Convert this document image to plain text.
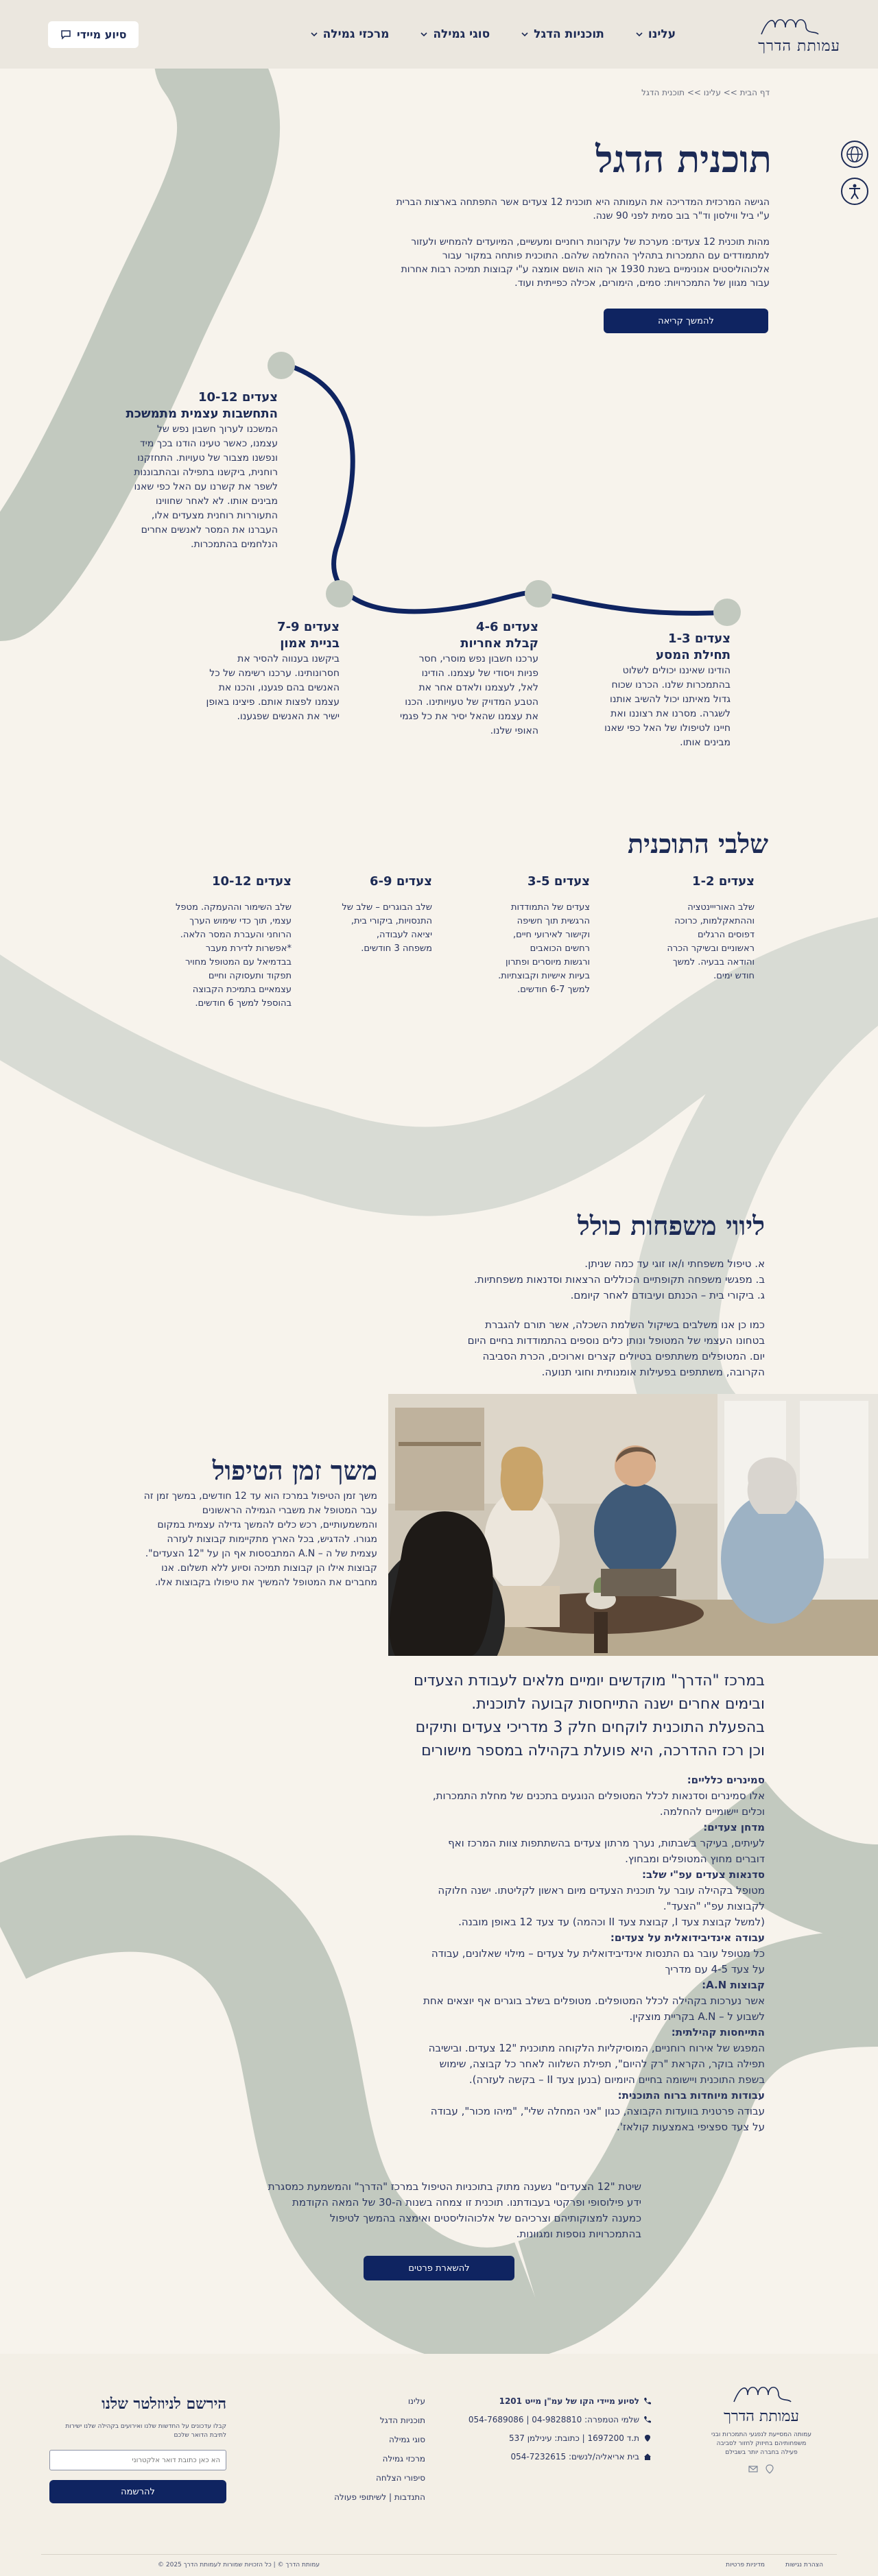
עמותת הדרך
עלינו
תוכניות הדגל
סוגי גמילה
מרכזי גמילה
סיוע מיידי
דף הבית >> עלינו >> תוכנית הדגל
תוכנית הדגל
הגישה המרכזית המדריכה את העמותה היא תוכנית 12 צעדים אשר התפתחה בארצות הברית
ע"י ביל ווילסון וד"ר בוב סמית לפני 90 שנה.
מהות תוכנית 12 צעדים: מערכת של עקרונות רוחניים ומעשיים, המיועדים להמחיש ולעזור
למתמודדים עם התמכרות בתהליך ההחלמה שלהם. התוכנית פותחה במקור עבור
אלכוהוליסטים אנונימיים בשנת 1930 אך הוא הושם אומצה ע"י קבוצות תמיכה רבות אחרות
עבור מגוון של התמכרויות: סמים, הימורים, אכילה כפייתית ועוד.
להמשך קריאה
צעדים 10-12
התחשבות עצמית מתמשכת
המשכנו לערוך חשבון נפש של
עצמנו, כאשר טעינו הודנו בכך מיד
ונפשנו מצבור של טעויות. התחזקנו
רוחנית, ביקשנו בתפילה ובהתבוננות
לשפר את קשרנו עם האל כפי שאנו
מבינים אותו. לא לאחר שחווינו
התעוררות רוחנית מצעדים אלו,
העברנו את המסר לאנשים אחרים
הנלחמים בהתמכרות.
צעדים 7-9
בניית אמון
ביקשנו בענווה להסיר את
חסרונותינו. ערכנו רשימה של כל
האנשים בהם פגענו, והכנו את
עצמנו לפצות אותם. פיצינו באופן
ישיר את האנשים שפגענו.
צעדים 4-6
קבלת אחריות
ערכנו חשבון נפש מוסרי, חסר
פניות ויסודי של עצמנו. הודינו
לאל, לעצמנו ולאדם אחר את
הטבע המדויק של טעויותינו. הכנו
את עצמנו שהאל יסיר את כל פגמי
האופי שלנו.
צעדים 1-3
תחילת המסע
הודינו שאיננו יכולים לשלוט
בהתמכרות שלנו. הכרנו שכוח
גדול מאיתנו יכול להשיב אותנו
לשגרה. מסרנו את רצוננו ואת
חיינו לטיפולו של האל כפי שאנו
מבינים אותו.
שלבי התוכנית
צעדים 1-2
שלב האורייינטציה
וההתאקלמות, כרוכה
דפוסים הרגלים
ראשוניים ובשיקר הכרה
והודאה בבעיה. למשך
חודש ימים.
צעדים 3-5
צעדים של התמודדות
הרגשית תוך חשיפה
וקישור לאירועי חיים,
רחשים הכואבים
ורגשות מיוסרים ופתרון
בעיות אישיות וקבוצתיות.
למשך 6-7 חודשים.
צעדים 6-9
שלב הבוגרים – שלב של
התנסויות, ביקורי בית,
יציאה לעבודה,
משפחה 3 חודשים.
צעדים 10-12
שלב השימור וההעמקה. מטפל
עצמי, תוך כדי שימוש הערך
הרוחני והעברת המסר הלאה.
*אפשרות לדירת מעבר
בבדמיאל עם המטופל מחויר
תפקוד ותעסוקה וחיים
עצמאיים בתמיכת הקבוצה
בהוספל למשך 6 חודשים.
ליווי משפחות כולל
א. טיפול משפחתי ו/או זוגי עד כמה שניתן.
ב. מפגשי משפחה תקופתיים הכוללים הרצאות וסדנאות משפחתיות.
ג. ביקורי בית – הכנתם ועיבודם לאחר קיומם.
כמו כן אנו משלבים בשיקול השלמת השכלה, אשר תורם להגברת
בטחונו העצמי של המטופל ונותן כלים נוספים בהתמודדות בחיים היום
יום. המטופלים משתתפים בטיולים קצרים וארוכים, הכרת הסביבה
הקרובה, משתתפים בפעילות אומנותית וחוגי תנועה.
משך זמן הטיפול
משך זמן הטיפול במרכז הוא עד 12 חודשים, במשך זמן זה
עבר המטופל את משברי הגמילה הראשונים
והמשמעותיים, רכש כלים להמשך גדילה עצמית במקום
מגורו. להדגיש, בכל הארץ מתקיימות קבוצות לעזרה
עצמית של ה – A.N המתבססות אף הן על "12 הצעדים".
קבוצות אילו הן קבוצות תמיכה וסיוע ללא תשלום. אנו
מחברים את המטופל להמשיך את טיפולו בקבוצות אלו.
במרכז "הדרך" מוקדשים יומיים מלאים לעבודת הצעדים
ובימים אחרים ישנה התייחסות קבועה לתוכנית.
בהפעלת התוכנית לוקחים חלק 3 מדריכי צעדים ותיקים
וכן רכז ההדרכה, היא פועלת בקהילה במספר מישורים
סמינרים כלליים:
אלו סמינרים וסדנאות לכלל המטופלים הנוגעים בתכנים של מחלת התמכרות,
וכלים יישומיים להחלמה.
מדחן צעדים:
לעיתים, בעיקר בשבתות, נערך מרתון צעדים בהשתתפות צוות המרכז ואף
דוברים מחוץ המטופלים ומבחוץ.
סדנאות צעדים עפ"י שלב:
מטופל בקהילה עובר על תוכנית הצעדים מיום ראשון לקליטתו. ישנה חלוקה
לקבוצות עפ"י "הצעד".
(למשל קבוצת צעד I, קבוצת צעד II וכהמה) עד צעד 12 באופן מובנה.
עבודה אינדיבידואלית על צעדים:
כל מטופל עובר גם התנסות אינדיבידואלית על צעדים – מילוי שאלונים, עבודה
על צעד 4-5 עם מדריך
קבוצות A.N:
אשר נערכות בקהילה לכלל המטופלים. מטופלים בשלב בוגרים אף יוצאים אחת
לשבוע ל – A.N בקריית מוצקין.
התייחסות קהילתית:
המפגש של אירוח רוחניים, המוסיקליות הלקוחה מתוכנית "12 צעדים. ובישיבה
תפילה בוקר, הקראת "רק להיום", תפילת השלווה לאחר כל קבוצה, שימוש
בשפת התוכנית ויישומה בחיים היומיום (בנען צעד II – בקשה לעזרה).
עבודות מיוחדות ברוח התוכנית:
עבודה פרטנית בוועדות הקבוצה, כגון "אני המחלה שלי", "מיהו מכור", עבודה
על צעד ספציפי באמצעות קולאז'.
שיטת "12 הצעדים" נשענה מתוק בתוכניות הטיפול במרכז "הדרך" והמשמעת כמסגרת
ידע פילוסופי ופרקטי בעבודתנו. תוכנית זו צמחה בשנות ה-30 של המאה הקודמת
כמענה למצוקותיהם וצרכיהם של אלכוהוליסטים ואימצה בהמשך לטיפול
בהתמכרויות נוספות ומגוונות.
להשארת פרטים
עמותת הדרך
עמותה המסייעת לנפגעי התמכרות ובני
משפחותיהם בחיזוק לחזור לסביבה
פעילה בחברה יותר בשבילם
לסיוע מיידי הקו של עמ"ן מייט 1201
שלמי הטמפרה: 04-9828810 | 054-7689086
ת.ד 1697200 | כתובת: עינילמן 537
בית אריאליה/לנשים: 054-7232615
עלינו
תוכניות הדגל
סוגי גמילה
מרכזי גמילה
סיפורי הצלחה
התנדבות | לשיתופי פעולה
הירשם לניוזלטר שלנו
קבלו עדכונים על החדשות שלנו ואירועים בקהילה שלנו ישירות לתיבת הדואר שלכם
הא כאן כתובת דואר אלקטרוני להרשמה
הצהרת נגישות
מדיניות פרטיות
עמותת הדרך © | כל הזכויות שמורות לעמותת הדרך 2025 ©
